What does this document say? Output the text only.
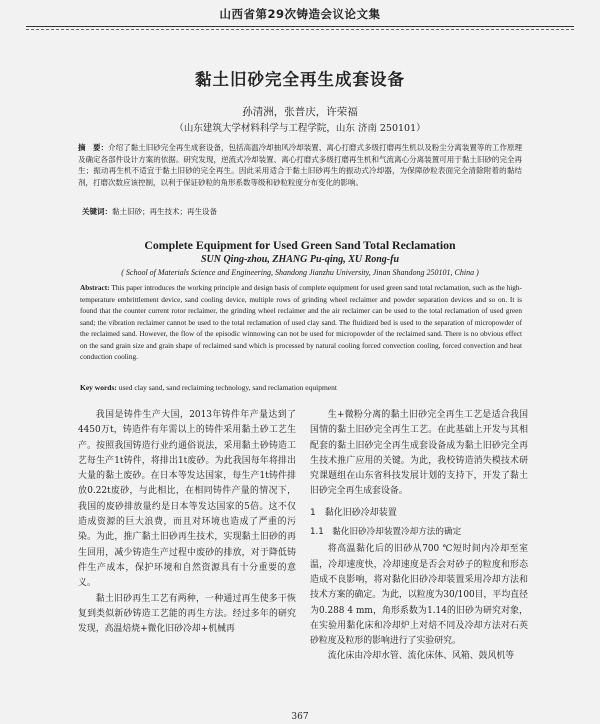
山西省第29次铸造会议论文集
黏土旧砂完全再生成套设备
孙清洲，张普庆，许荣福
（山东建筑大学材料科学与工程学院，山东 济南 250101）
摘　要：介绍了黏土旧砂完全再生成套设备，包括高温冷却抽风冷却装置、离心打磨式多级打磨再生机以及粉尘分离装置等的工作原理及确定各部件设计方案的依据。研究发现，逆流式冷却装置、离心打磨式多级打磨再生机和气流离心分离装置可用于黏土旧砂的完全再生；振动再生机不适宜于黏土旧砂的完全再生。因此采用适合于黏土旧砂再生的振动式冷却器，为保障砂粒表面完全清除附着的黏结剂，打磨次数应该控制，以利于保证砂粒的角形系数等级和砂粒粒度分布变化的影响。
关键词：黏土旧砂；再生技术；再生设备
Complete Equipment for Used Green Sand Total Reclamation
SUN Qing-zhou, ZHANG Pu-qing, XU Rong-fu
( School of Materials Science and Engineering, Shandong Jianzhu University, Jinan Shandong 250101, China )
Abstract: This paper introduces the working principle and design basis of complete equipment for used green sand total reclamation, such as the high-temperature embrittlement device, sand cooling device, multiple rows of grinding wheel reclaimer and powder separation devices and so on. It is found that the counter current rotor reclaimer, the grinding wheel reclaimer and the air reclaimer can be used to the total reclamation of used green sand; the vibration reclaimer cannot be used to the total reclamation of used clay sand. The fluidized bed is used to the separation of micropowder of the reclaimed sand. However, the flow of the episodic winnowing can not be used for micropowder of the reclaimed sand. There is no obvious effect on the sand grain size and grain shape of reclaimed sand which is processed by natural cooling forced convection cooling, forced convection and heat conduction cooling.
Key words: used clay sand, sand reclaiming technology, sand reclamation equipment

我国是铸件生产大国，2013年铸件年产量达到了4450万t，铸造件有年需以上的铸件采用黏土砂工艺生产。按照我国铸造行业约通俗说法，采用黏土砂铸造工艺每生产1t铸件，将排出1t废砂。为此我国每年将排出大量的黏土废砂。在日本等发达国家，每生产1t铸件排放0.22t废砂，与此相比，在相同铸件产量的情况下，我国的废砂排放量约是日本等发达国家的5倍。这不仅造成资源的巨大浪费，而且对环境也造成了严重的污染。为此，推广黏土旧砂再生技术，实现黏土旧砂的再生回用，减少铸造生产过程中废砂的排放，对于降低铸件生产成本，保护环境和自然资源具有十分重要的意义。

黏土旧砂再生工艺有两种，一种通过再生使多干恢复到类似新砂铸造工艺能的再生方法。经过多年的研究发现，高温焙烧+微化旧砂冷却+机械再

生+微粉分离的黏土旧砂完全再生工艺是适合我国国情的黏土旧砂完全再生工艺。在此基础上开发与其相配套的黏土旧砂完全再生成套设备成为黏土旧砂完全再生技术推广应用的关键。为此，我校铸造消失模技术研究课题组在山东省科技发展计划的支持下，开发了黏土旧砂完全再生成套设备。

1　黏化旧砂冷却装置
1.1　黏化旧砂冷却装置冷却方法的确定

将高温黏化后的旧砂从700 ℃短时间内冷却至室温，冷却速度快，冷却速度是否会对砂子的粒度和形态造成不良影响，将对黏化旧砂冷却装置采用冷却方法和技术方案的确定。为此，以粒度为30/100目，平均直径为0.288 4 mm，角形系数为1.14的旧砂为研究对象，在实验用黏化床和冷却炉上对焙不同及冷却方法对石英砂粒度及粒形的影响进行了实验研究。

流化床由冷却水管、流化床体、风箱、鼓风机等

367
